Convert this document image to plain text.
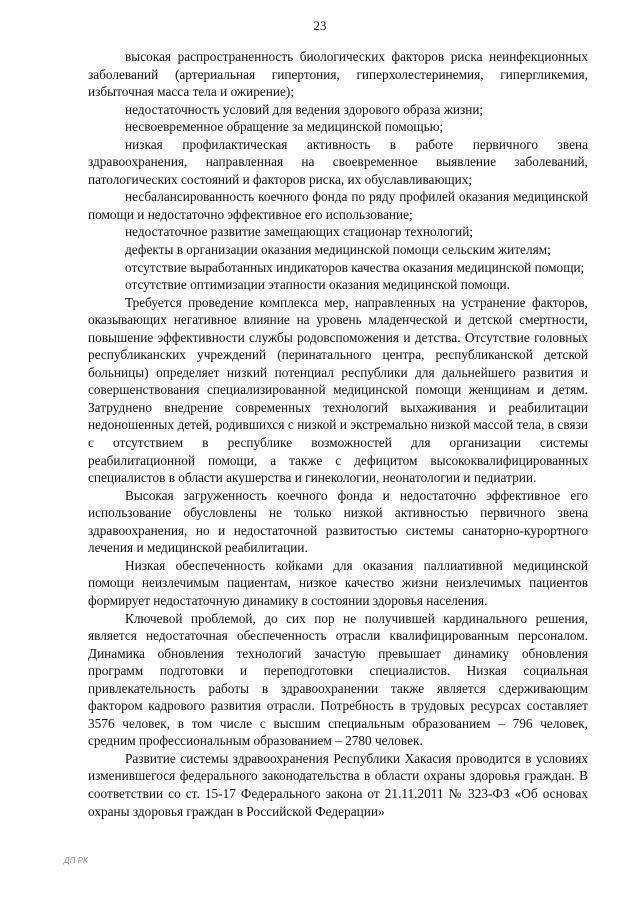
23

высокая распространенность биологических факторов риска неинфекционных заболеваний (артериальная гипертония, гиперхолестеринемия, гипергликемия, избыточная масса тела и ожирение);

недостаточность условий для ведения здорового образа жизни;

несвоевременное обращение за медицинской помощью;

низкая профилактическая активность в работе первичного звена здравоохранения, направленная на своевременное выявление заболеваний, патологических состояний и факторов риска, их обуславливающих;

несбалансированность коечного фонда по ряду профилей оказания медицинской помощи и недостаточно эффективное его использование;

недостаточное развитие замещающих стационар технологий;

дефекты в организации оказания медицинской помощи сельским жителям;

отсутствие выработанных индикаторов качества оказания медицинской помощи;

отсутствие оптимизации этапности оказания медицинской помощи.

Требуется проведение комплекса мер, направленных на устранение факторов, оказывающих негативное влияние на уровень младенческой и детской смертности, повышение эффективности службы родовспоможения и детства. Отсутствие головных республиканских учреждений (перинатального центра, республиканской детской больницы) определяет низкий потенциал республики для дальнейшего развития и совершенствования специализированной медицинской помощи женщинам и детям. Затруднено внедрение современных технологий выхаживания и реабилитации недоношенных детей, родившихся с низкой и экстремально низкой массой тела, в связи с отсутствием в республике возможностей для организации системы реабилитационной помощи, а также с дефицитом высококвалифицированных специалистов в области акушерства и гинекологии, неонатологии и педиатрии.

Высокая загруженность коечного фонда и недостаточно эффективное его использование обусловлены не только низкой активностью первичного звена здравоохранения, но и недостаточной развитостью системы санаторно-курортного лечения и медицинской реабилитации.

Низкая обеспеченность койками для оказания паллиативной медицинской помощи неизлечимым пациентам, низкое качество жизни неизлечимых пациентов формирует недостаточную динамику в состоянии здоровья населения.

Ключевой проблемой, до сих пор не получившей кардинального решения, является недостаточная обеспеченность отрасли квалифицированным персоналом. Динамика обновления технологий зачастую превышает динамику обновления программ подготовки и переподготовки специалистов. Низкая социальная привлекательность работы в здравоохранении также является сдерживающим фактором кадрового развития отрасли. Потребность в трудовых ресурсах составляет 3576 человек, в том числе с высшим специальным образованием – 796 человек, средним профессиональным образованием – 2780 человек.

Развитие системы здравоохранения Республики Хакасия проводится в условиях изменившегося федерального законодательства в области охраны здоровья граждан. В соответствии со ст. 15-17 Федерального закона от 21.11.2011 № 323-ФЗ «Об основах охраны здоровья граждан в Российской Федерации»

ДП РК
